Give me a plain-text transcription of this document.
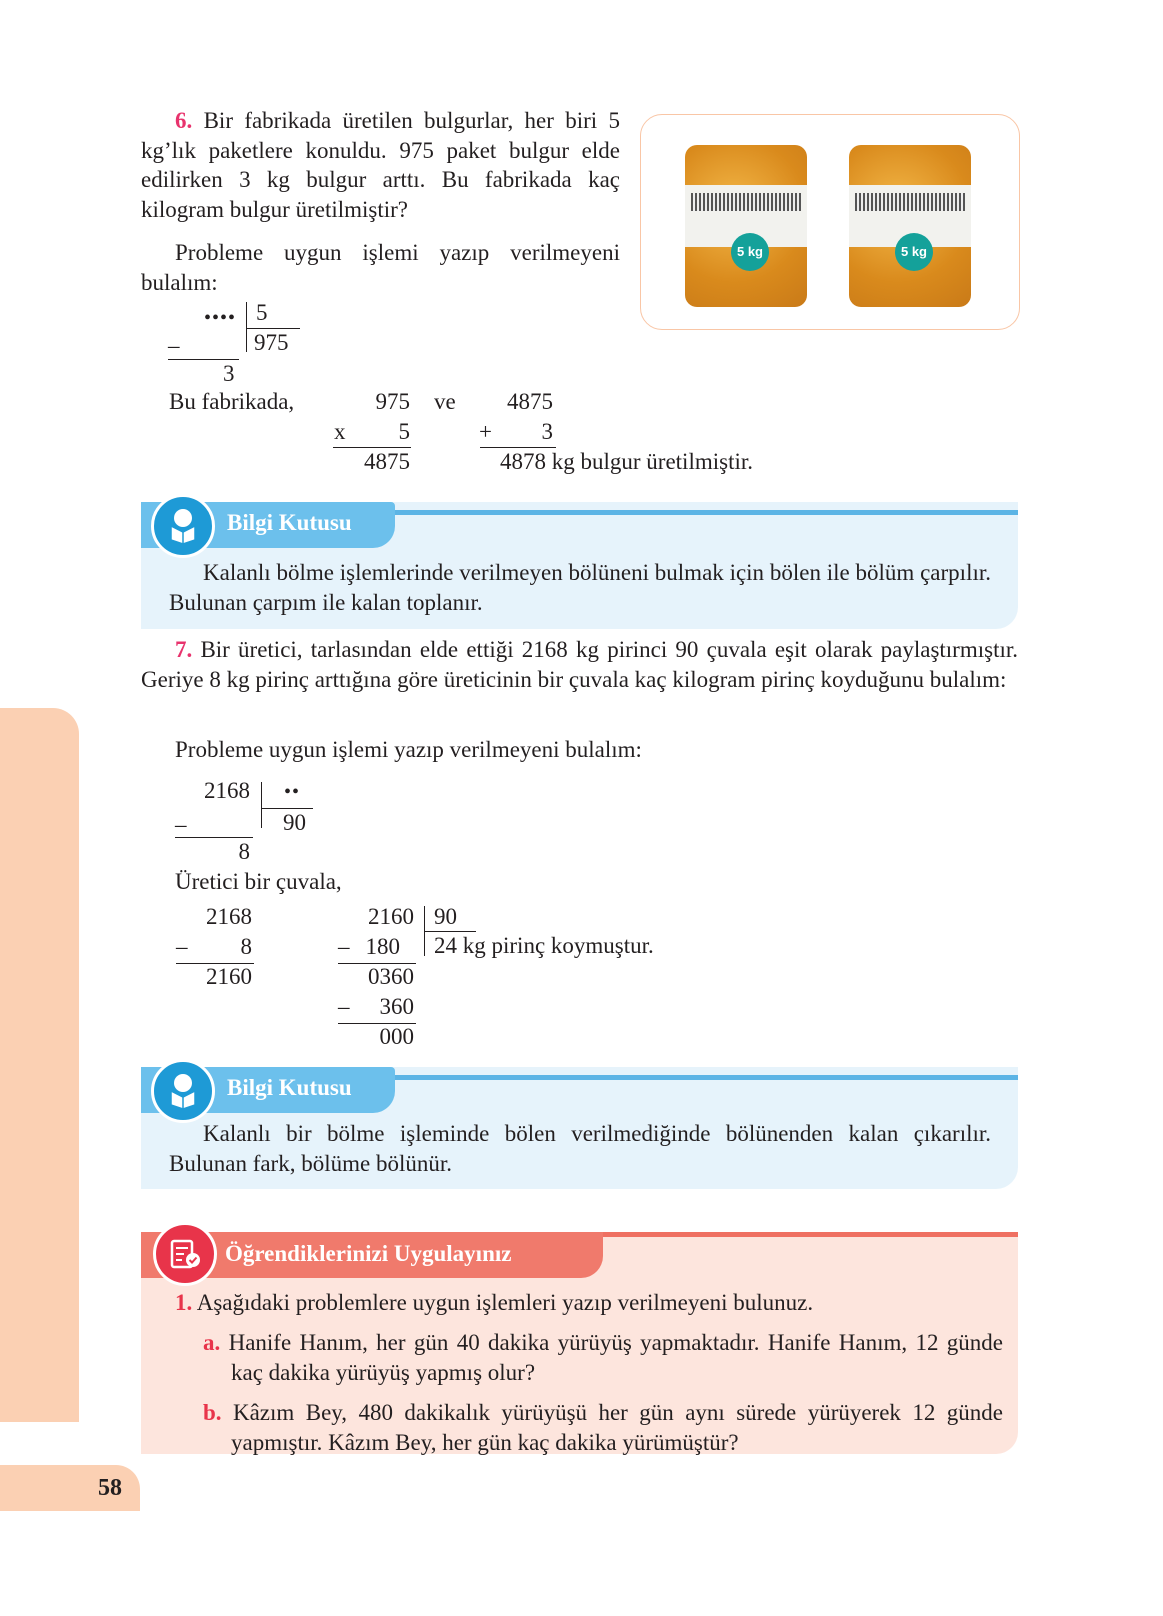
6. Bir fabrikada üretilen bulgurlar, her biri 5 kg’lık paketlere konuldu. 975 paket bulgur elde edilirken 3 kg bulgur arttı. Bu fabrikada kaç kilogram bulgur üretilmiştir?
Probleme uygun işlemi yazıp verilmeyeni bulalım:
5 kg	5 kg
•••• 5
975
–
3
Bu fabrikada,	975
x	5
4875
ve	4875
+	3
4878 kg bulgur üretilmiştir.
Bilgi Kutusu
Kalanlı bölme işlemlerinde verilmeyen bölüneni bulmak için bölen ile bölüm çarpılır. Bulunan çarpım ile kalan toplanır.
7. Bir üretici, tarlasından elde ettiği 2168 kg pirinci 90 çuvala eşit olarak paylaştırmıştır. Geriye 8 kg pirinç arttığına göre üreticinin bir çuvala kaç kilogram pirinç koyduğunu bulalım:
Probleme uygun işlemi yazıp verilmeyeni bulalım:
2168 ••
90
–
8
Üretici bir çuvala,
2168
–	8
2160
2160 90
24 kg pirinç koymuştur.
– 180
0360
–	360
000
Bilgi Kutusu
Kalanlı bir bölme işleminde bölen verilmediğinde bölünenden kalan çıkarılır. Bulunan fark, bölüme bölünür.
Öğrendiklerinizi Uygulayınız
1. Aşağıdaki problemlere uygun işlemleri yazıp verilmeyeni bulunuz.
a. Hanife Hanım, her gün 40 dakika yürüyüş yapmaktadır. Hanife Hanım, 12 günde kaç dakika yürüyüş yapmış olur?
b. Kâzım Bey, 480 dakikalık yürüyüşü her gün aynı sürede yürüyerek 12 günde yapmıştır. Kâzım Bey, her gün kaç dakika yürümüştür?
58
